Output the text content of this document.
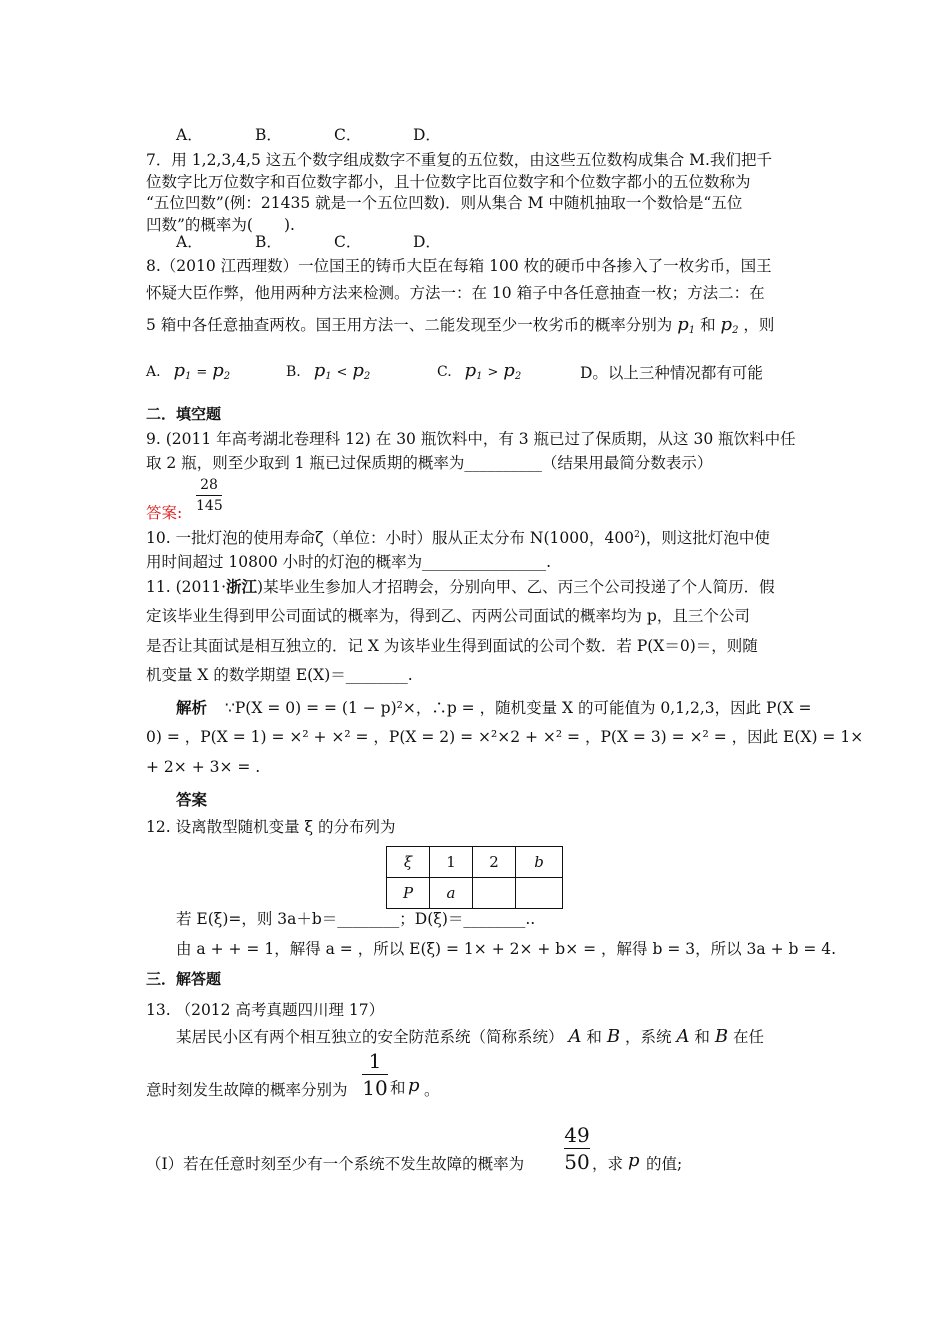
A．	B．	C．	D．
7．用 1,2,3,4,5 这五个数字组成数字不重复的五位数，由这些五位数构成集合 M.我们把千
位数字比万位数字和百位数字都小，且十位数字比百位数字和个位数字都小的五位数称为
“五位凹数”(例：21435 就是一个五位凹数)．则从集合 M 中随机抽取一个数恰是“五位
凹数”的概率为(　　).
A．	B．	C．	D．
8.（2010 江西理数）一位国王的铸币大臣在每箱 100 枚的硬币中各掺入了一枚劣币，国王
怀疑大臣作弊，他用两种方法来检测。方法一：在 10 箱子中各任意抽查一枚；方法二：在
5 箱中各任意抽查两枚。国王用方法一、二能发现至少一枚劣币的概率分别为 $p_1$ 和 $p_2$ ，则
A. $p_1 = p_2$	B. $p_1 < p_2$	C. $p_1 > p_2$	D。以上三种情况都有可能
二．填空题
9. (2011 年高考湖北卷理科 12) 在 30 瓶饮料中，有 3 瓶已过了保质期，从这 30 瓶饮料中任
取 2 瓶，则至少取到 1 瓶已过保质期的概率为__________（结果用最简分数表示）
答案:
28
145
10. 一批灯泡的使用寿命ζ（单位：小时）服从正太分布 N(1000，$400^2$)，则这批灯泡中使
用时间超过 10800 小时的灯泡的概率为________________.
11. (2011·浙江)某毕业生参加人才招聘会，分别向甲、乙、丙三个公司投递了个人简历．假
定该毕业生得到甲公司面试的概率为，得到乙、丙两公司面试的概率均为 p，且三个公司
是否让其面试是相互独立的．记 X 为该毕业生得到面试的公司个数．若 P(X＝0)＝，则随
机变量 X 的数学期望 E(X)＝________.
解析 ∵P(X = 0) = = (1 − p)²×，∴p = ，随机变量 X 的可能值为 0,1,2,3，因此 P(X =
0) = ，P(X = 1) = ×² + ×² = ，P(X = 2) = ×²×2 + ×² = ，P(X = 3) = ×² = ，因此 E(X) = 1×
+ 2× + 3× = .
答案
12. 设离散型随机变量 ξ 的分布列为
ξ	1	2	b
P	a		
若 E(ξ)=，则 3a＋b＝________；D(ξ)＝________..
由 a + + = 1，解得 a = ，所以 E(ξ) = 1× + 2× + b× = ，解得 b = 3，所以 3a + b = 4.
三．解答题
13. （2012 高考真题四川理 17）
某居民小区有两个相互独立的安全防范系统（简称系统） A 和 B ，系统 A 和 B 在任
意时刻发生故障的概率分别为
1
10 和 p 。
（Ⅰ）若在任意时刻至少有一个系统不发生故障的概率为
49
50 ，求 p 的值;
